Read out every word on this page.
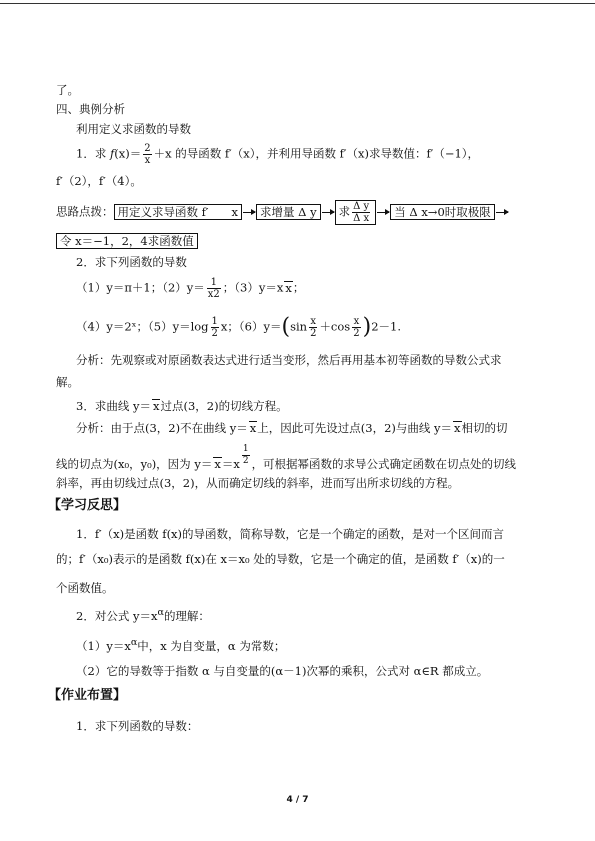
了。
四、典例分析
利用定义求函数的导数
1．求 $f(x)= \frac{2}{x} +x$ 的导函数 f′（x），并利用导函数 f′（x)求导数值：f′（−1），
f′（2），f′（4）。
思路点拨： 用定义求导函数 f′　　x 求增量 Δ y 求 $\frac{\text{Δ y}}{\text{Δ x}}$ 当 Δ x→0时取极限
令 x＝−1，2，4求函数值
2．求下列函数的导数
（1）y＝π＋1；$(2)y= \frac{1}{x2}$ ；（3）y＝x x；
（4）y＝2ˣ；$(5)y=\log \frac{1}{2}$ x；$(6)y=(\sin \frac{x}{2} +\cos \frac{x}{2} )2-1$.
分析：先观察或对原函数表达式进行适当变形，然后再用基本初等函数的导数公式求
解。
3．求曲线 y＝ x过点(3，2)的切线方程。
分析：由于点(3，2)不在曲线 y＝ x上，因此可先设过点(3，2)与曲线 y＝ x相切的切
线的切点为(x₀，y₀)，因为 $y= x=x \frac{1}{2}$ ，可根据幂函数的求导公式确定函数在切点处的切线
斜率，再由切线过点(3，2)，从而确定切线的斜率，进而写出所求切线的方程。
【学习反思】
1．f′（x)是函数 f(x)的导函数，简称导数，它是一个确定的函数，是对一个区间而言
的；f′（x₀)表示的是函数 f(x)在 x＝x₀ 处的导数，它是一个确定的值，是函数 f′（x)的一
个函数值。
2．对公式 $y=x^\alpha$的理解：
$(1)y=x^\alpha$中，x 为自变量，α 为常数；
（2）它的导数等于指数 α 与自变量的(α－1)次幂的乘积，公式对 α∈R 都成立。
【作业布置】
1．求下列函数的导数：
4 / 7
